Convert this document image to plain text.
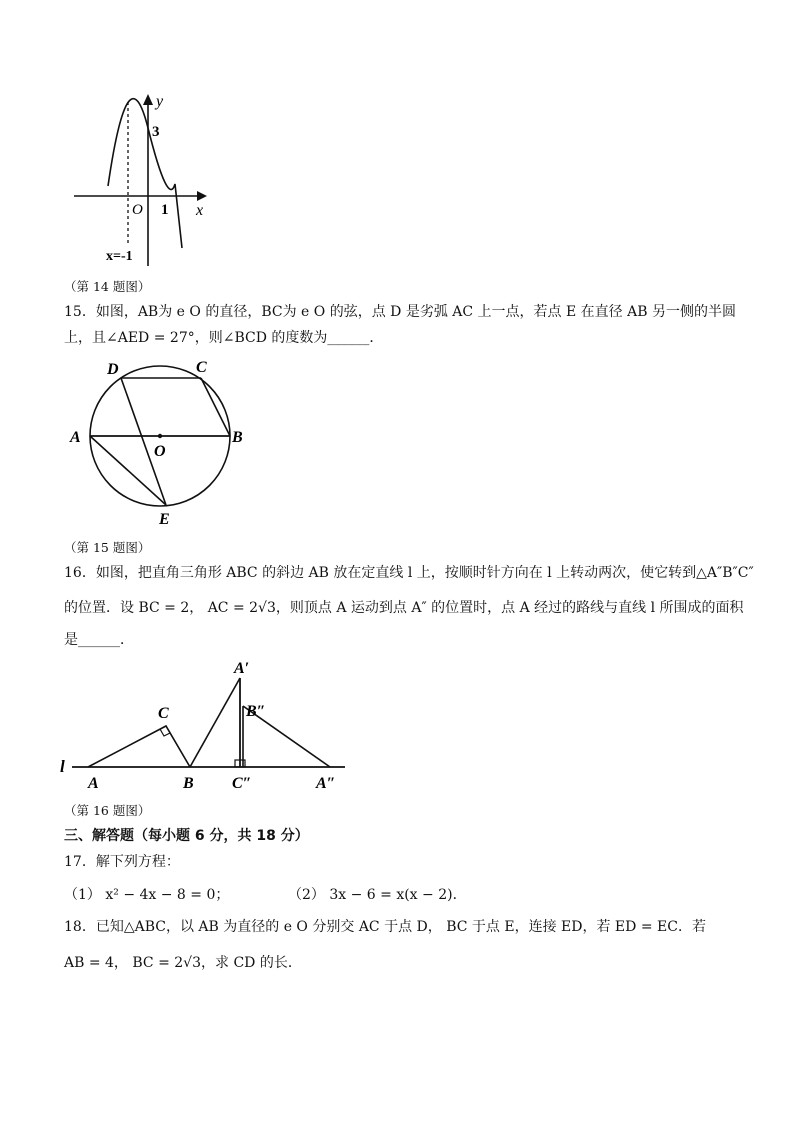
y
x
O
3
1
x=-1
（第 14 题图）
15．如图，AB为 e O 的直径，BC为 e O 的弦，点 D 是劣弧 AC 上一点，若点 E 在直径 AB 另一侧的半圆
上，且∠AED = 27°，则∠BCD 的度数为______．
D	C
A	B
O
E
（第 15 题图）
16．如图，把直角三角形 ABC 的斜边 AB 放在定直线 l 上，按顺时针方向在 l 上转动两次，使它转到△A″B″C″
的位置．设 BC = 2， AC = 2√3，则顶点 A 运动到点 A″ 的位置时，点 A 经过的路线与直线 l 所围成的面积
是______．
l
A
C
B
A′
B″
C″	A″
（第 16 题图）
三、解答题（每小题 6 分，共 18 分）
17．解下列方程：
（1） x² − 4x − 8 = 0；	（2） 3x − 6 = x(x − 2)．
18．已知△ABC，以 AB 为直径的 e O 分别交 AC 于点 D， BC 于点 E，连接 ED，若 ED = EC．若
AB = 4， BC = 2√3，求 CD 的长．
